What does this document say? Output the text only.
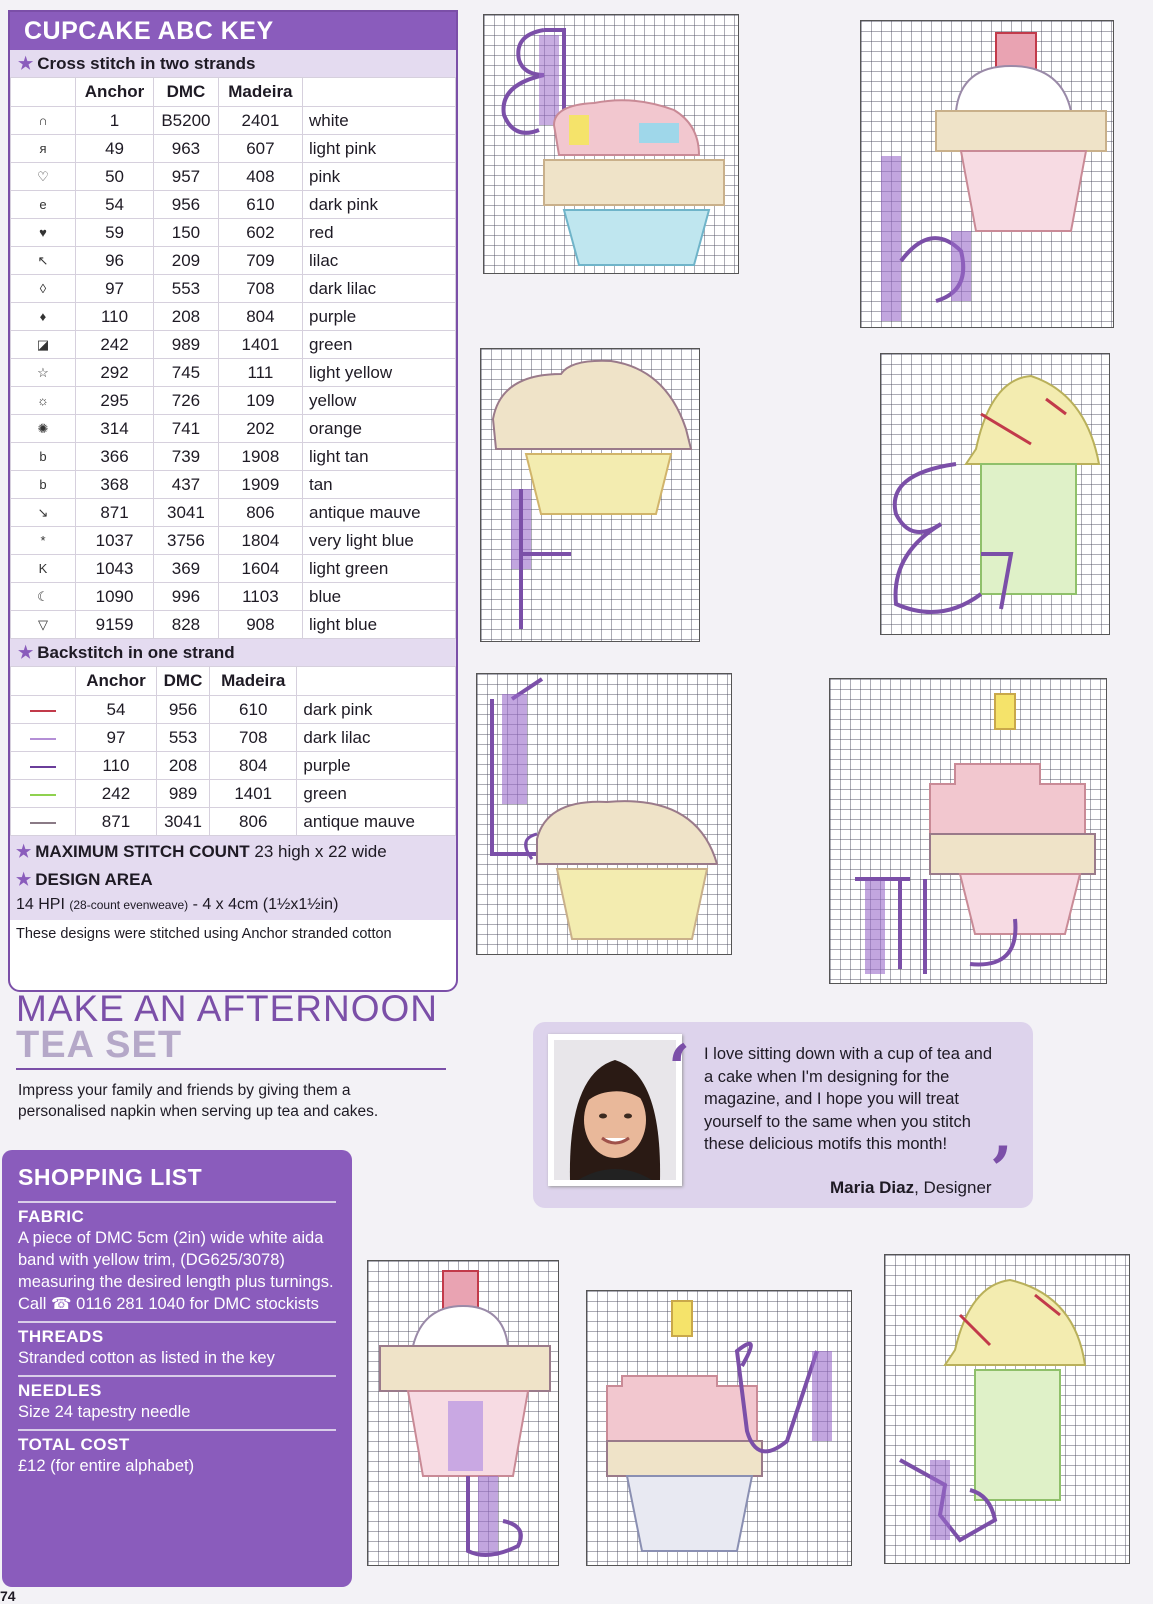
CUPCAKE ABC KEY
★ Cross stitch in two strands
	Anchor	DMC	Madeira	
∩	1	B5200	2401	white
я	49	963	607	light pink
♡	50	957	408	pink
e	54	956	610	dark pink
♥	59	150	602	red
↖	96	209	709	lilac
◊	97	553	708	dark lilac
♦	110	208	804	purple
◪	242	989	1401	green
☆	292	745	111	light yellow
☼	295	726	109	yellow
✺	314	741	202	orange
b	366	739	1908	light tan
b	368	437	1909	tan
↘	871	3041	806	antique mauve
*	1037	3756	1804	very light blue
K	1043	369	1604	light green
☾	1090	996	1103	blue
▽	9159	828	908	light blue
★ Backstitch in one strand
	Anchor	DMC	Madeira	
	54	956	610	dark pink
	97	553	708	dark lilac
	110	208	804	purple
	242	989	1401	green
	871	3041	806	antique mauve
★ MAXIMUM STITCH COUNT 23 high x 22 wide
★ DESIGN AREA
14 HPI (28-count evenweave) - 4 x 4cm (1½x1½in)
These designs were stitched using Anchor stranded cotton
MAKE AN AFTERNOON
TEA SET
Impress your family and friends by giving them a personalised napkin when serving up tea and cakes.
SHOPPING LIST
FABRIC
A piece of DMC 5cm (2in) wide white aida band with yellow trim, (DG625/3078) measuring the desired length plus turnings. Call ☎ 0116 281 1040 for DMC stockists
THREADS
Stranded cotton as listed in the key
NEEDLES
Size 24 tapestry needle
TOTAL COST
£12 (for entire alphabet)
‘ I love sitting down with a cup of tea and a cake when I'm designing for the magazine, and I hope you will treat yourself to the same when you stitch these delicious motifs this month! ’
Maria Diaz, Designer
74
